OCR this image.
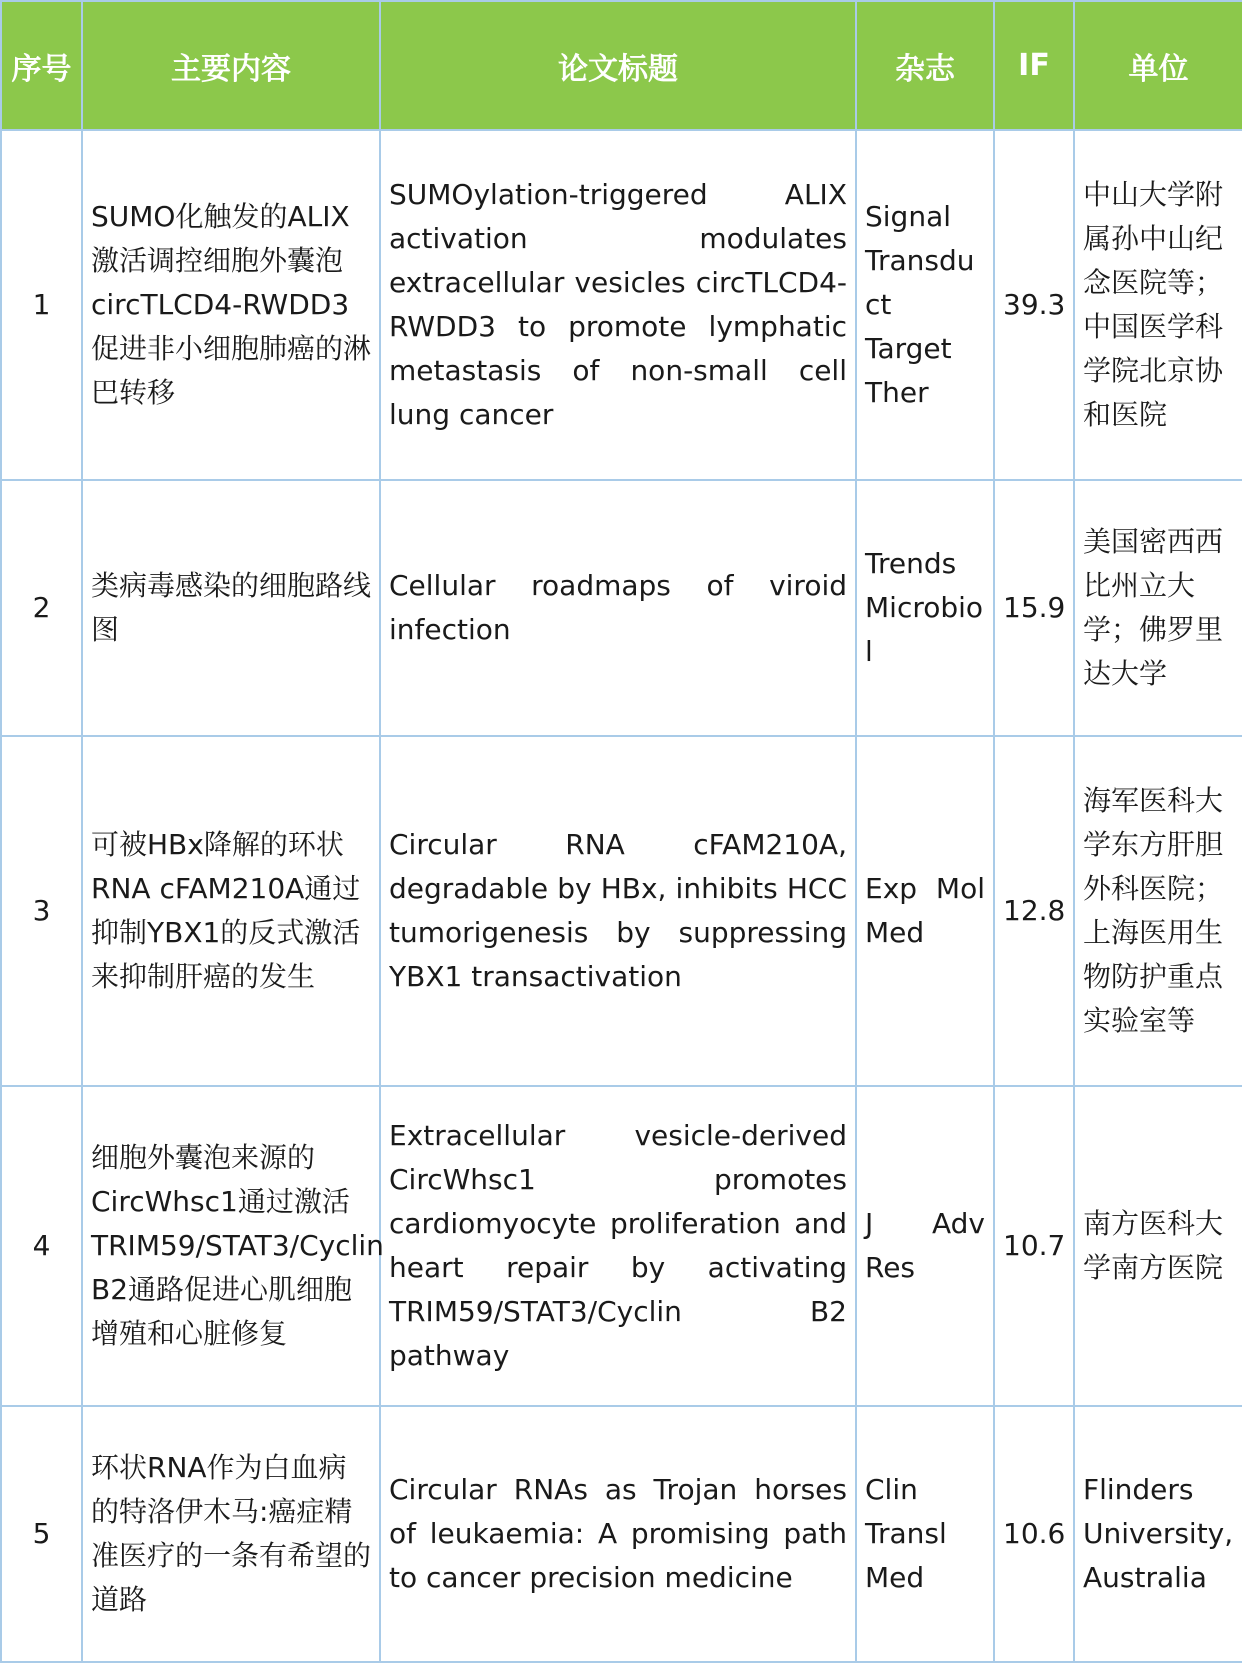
序号	主要内容	论文标题	杂志	IF	单位
1	SUMO化触发的ALIX激活调控细胞外囊泡circTLCD4-RWDD3促进非小细胞肺癌的淋巴转移	SUMOylation-triggered ALIX activation modulates extracellular vesicles circTLCD4-RWDD3 to promote lymphatic metastasis of non-small cell lung cancer	Signal Transduct Target Ther	39.3	中山大学附属孙中山纪念医院等；中国医学科学院北京协和医院
2	类病毒感染的细胞路线图	Cellular roadmaps of viroid infection	Trends Microbiol	15.9	美国密西西比州立大学；佛罗里达大学
3	可被HBx降解的环状RNA cFAM210A通过抑制YBX1的反式激活来抑制肝癌的发生	Circular RNA cFAM210A, degradable by HBx, inhibits HCC tumorigenesis by suppressing YBX1 transactivation	Exp Mol Med	12.8	海军医科大学东方肝胆外科医院；上海医用生物防护重点实验室等
4	细胞外囊泡来源的CircWhsc1通过激活TRIM59/STAT3/Cyclin B2通路促进心肌细胞增殖和心脏修复	Extracellular vesicle-derived CircWhsc1 promotes cardiomyocyte proliferation and heart repair by activating TRIM59/STAT3/Cyclin B2 pathway	J Adv Res	10.7	南方医科大学南方医院
5	环状RNA作为白血病的特洛伊木马:癌症精准医疗的一条有希望的道路	Circular RNAs as Trojan horses of leukaemia: A promising path to cancer precision medicine	Clin Transl Med	10.6	Flinders University, Australia
